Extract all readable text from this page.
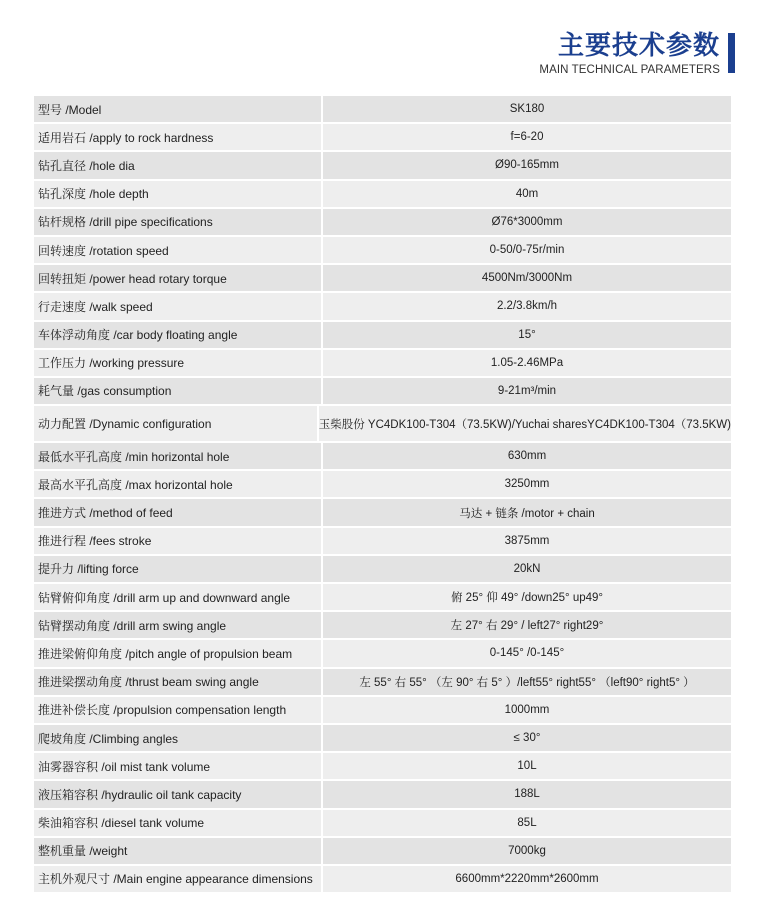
主要技术参数
MAIN TECHNICAL PARAMETERS
型号 /Model	SK180
适用岩石 /apply to rock hardness	f=6-20
钻孔直径 /hole dia	Ø90-165mm
钻孔深度 /hole depth	40m
钻杆规格 /drill pipe specifications	Ø76*3000mm
回转速度 /rotation speed	0-50/0-75r/min
回转扭矩 /power head rotary torque	4500Nm/3000Nm
行走速度 /walk speed	2.2/3.8km/h
车体浮动角度 /car body floating angle	15°
工作压力 /working pressure	1.05-2.46MPa
耗气量 /gas consumption	9-21m³/min
动力配置 /Dynamic configuration	玉柴股份 YC4DK100-T304（73.5KW)/Yuchai sharesYC4DK100-T304（73.5KW)
最低水平孔高度 /min horizontal hole	630mm
最高水平孔高度 /max horizontal hole	3250mm
推进方式 /method of feed	马达 + 链条 /motor + chain
推进行程 /fees stroke	3875mm
提升力 /lifting force	20kN
钻臂俯仰角度 /drill arm up and downward angle	俯 25° 仰 49° /down25° up49°
钻臂摆动角度 /drill arm swing angle	左 27° 右 29° / left27° right29°
推进梁俯仰角度 /pitch angle of propulsion beam	0-145° /0-145°
推进梁摆动角度 /thrust beam swing angle	左 55° 右 55° （左 90° 右 5° ）/left55° right55° （left90° right5° ）
推进补偿长度 /propulsion compensation length	1000mm
爬坡角度 /Climbing angles	≤ 30°
油雾器容积 /oil mist tank volume	10L
液压箱容积 /hydraulic oil tank capacity	188L
柴油箱容积 /diesel tank volume	85L
整机重量 /weight	7000kg
主机外观尺寸 /Main engine appearance dimensions	6600mm*2220mm*2600mm
